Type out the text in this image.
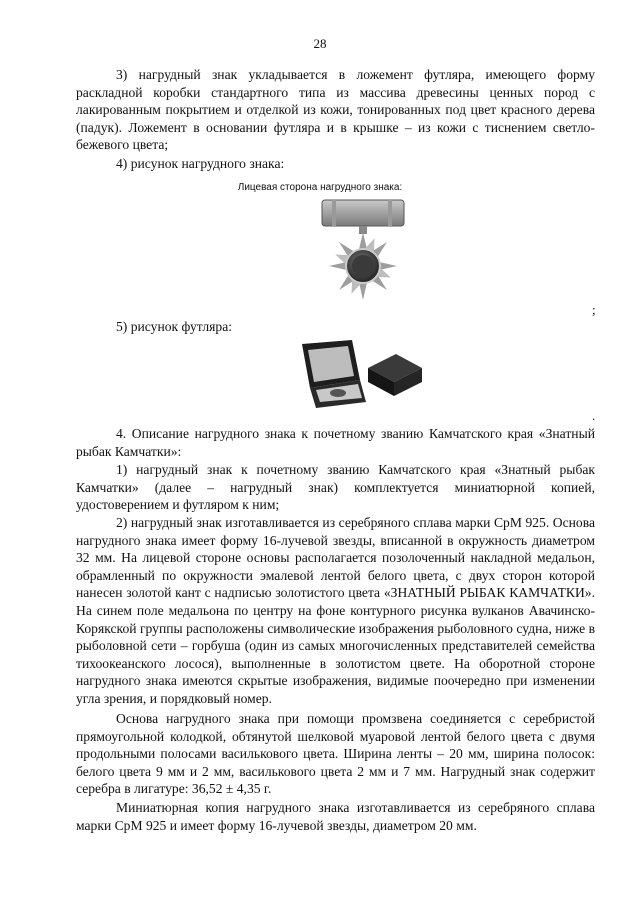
28

3) нагрудный знак укладывается в ложемент футляра, имеющего форму раскладной коробки стандартного типа из массива древесины ценных пород с лакированным покрытием и отделкой из кожи, тонированных под цвет красного дерева (падук). Ложемент в основании футляра и в крышке – из кожи с тиснением светло-бежевого цвета;

4) рисунок нагрудного знака:

Лицевая сторона нагрудного знака:
;

5) рисунок футляра:

.

4. Описание нагрудного знака к почетному званию Камчатского края «Знатный рыбак Камчатки»:

1) нагрудный знак к почетному званию Камчатского края «Знатный рыбак Камчатки» (далее – нагрудный знак) комплектуется миниатюрной копией, удостоверением и футляром к ним;

2) нагрудный знак изготавливается из серебряного сплава марки СрМ 925. Основа нагрудного знака имеет форму 16-лучевой звезды, вписанной в окружность диаметром 32 мм. На лицевой стороне основы располагается позолоченный накладной медальон, обрамленный по окружности эмалевой лентой белого цвета, с двух сторон которой нанесен золотой кант с надписью золотистого цвета «ЗНАТНЫЙ РЫБАК КАМЧАТКИ». На синем поле медальона по центру на фоне контурного рисунка вулканов Авачинско-Корякской группы расположены символические изображения рыболовного судна, ниже в рыболовной сети – горбуша (один из самых многочисленных представителей семейства тихоокеанского лосося), выполненные в золотистом цвете. На оборотной стороне нагрудного знака имеются скрытые изображения, видимые поочередно при изменении угла зрения, и порядковый номер.

Основа нагрудного знака при помощи промзвена соединяется с серебристой прямоугольной колодкой, обтянутой шелковой муаровой лентой белого цвета с двумя продольными полосами василькового цвета. Ширина ленты – 20 мм, ширина полосок: белого цвета 9 мм и 2 мм, василькового цвета 2 мм и 7 мм. Нагрудный знак содержит серебра в лигатуре: 36,52 ± 4,35 г.

Миниатюрная копия нагрудного знака изготавливается из серебряного сплава марки СрМ 925 и имеет форму 16-лучевой звезды, диаметром 20 мм.
